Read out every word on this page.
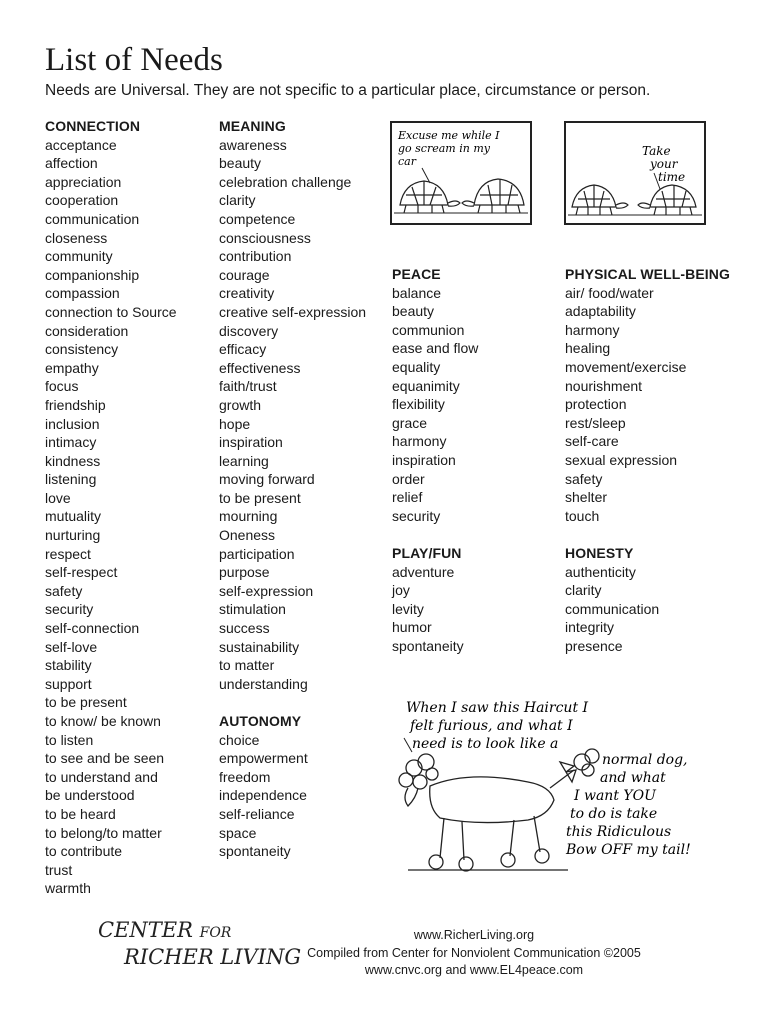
List of Needs
Needs are Universal. They are not specific to a particular place, circumstance or person.
CONNECTION
acceptance
affection
appreciation
cooperation
communication
closeness
community
companionship
compassion
connection to Source
consideration
consistency
empathy
focus
friendship
inclusion
intimacy
kindness
listening
love
mutuality
nurturing
respect
self-respect
safety
security
self-connection
self-love
stability
support
to be present
to know/ be known
to listen
to see and be seen
to understand and
be understood
to be heard
to belong/to matter
to contribute
trust
warmth
MEANING
awareness
beauty
celebration challenge
clarity
competence
consciousness
contribution
courage
creativity
creative self-expression
discovery
efficacy
effectiveness
faith/trust
growth
hope
inspiration
learning
moving forward
to be present
mourning
Oneness
participation
purpose
self-expression
stimulation
success
sustainability
to matter
understanding
AUTONOMY
choice
empowerment
freedom
independence
self-reliance
space
spontaneity
PEACE
balance
beauty
communion
ease and flow
equality
equanimity
flexibility
grace
harmony
inspiration
order
relief
security
PLAY/FUN
adventure
joy
levity
humor
spontaneity
PHYSICAL WELL-BEING
air/ food/water
adaptability
harmony
healing
movement/exercise
nourishment
protection
rest/sleep
self-care
sexual expression
safety
shelter
touch
HONESTY
authenticity
clarity
communication
integrity
presence
Excuse me while I
go scream in my
car
Take
your
time
When I saw this Haircut I
felt furious, and what I
need is to look like a
normal dog,
and what
I want YOU
to do is take
this Ridiculous
Bow OFF my tail!
CENTER FOR
RICHER LIVING
www.RicherLiving.org
Compiled from Center for Nonviolent Communication ©2005
www.cnvc.org and www.EL4peace.com
